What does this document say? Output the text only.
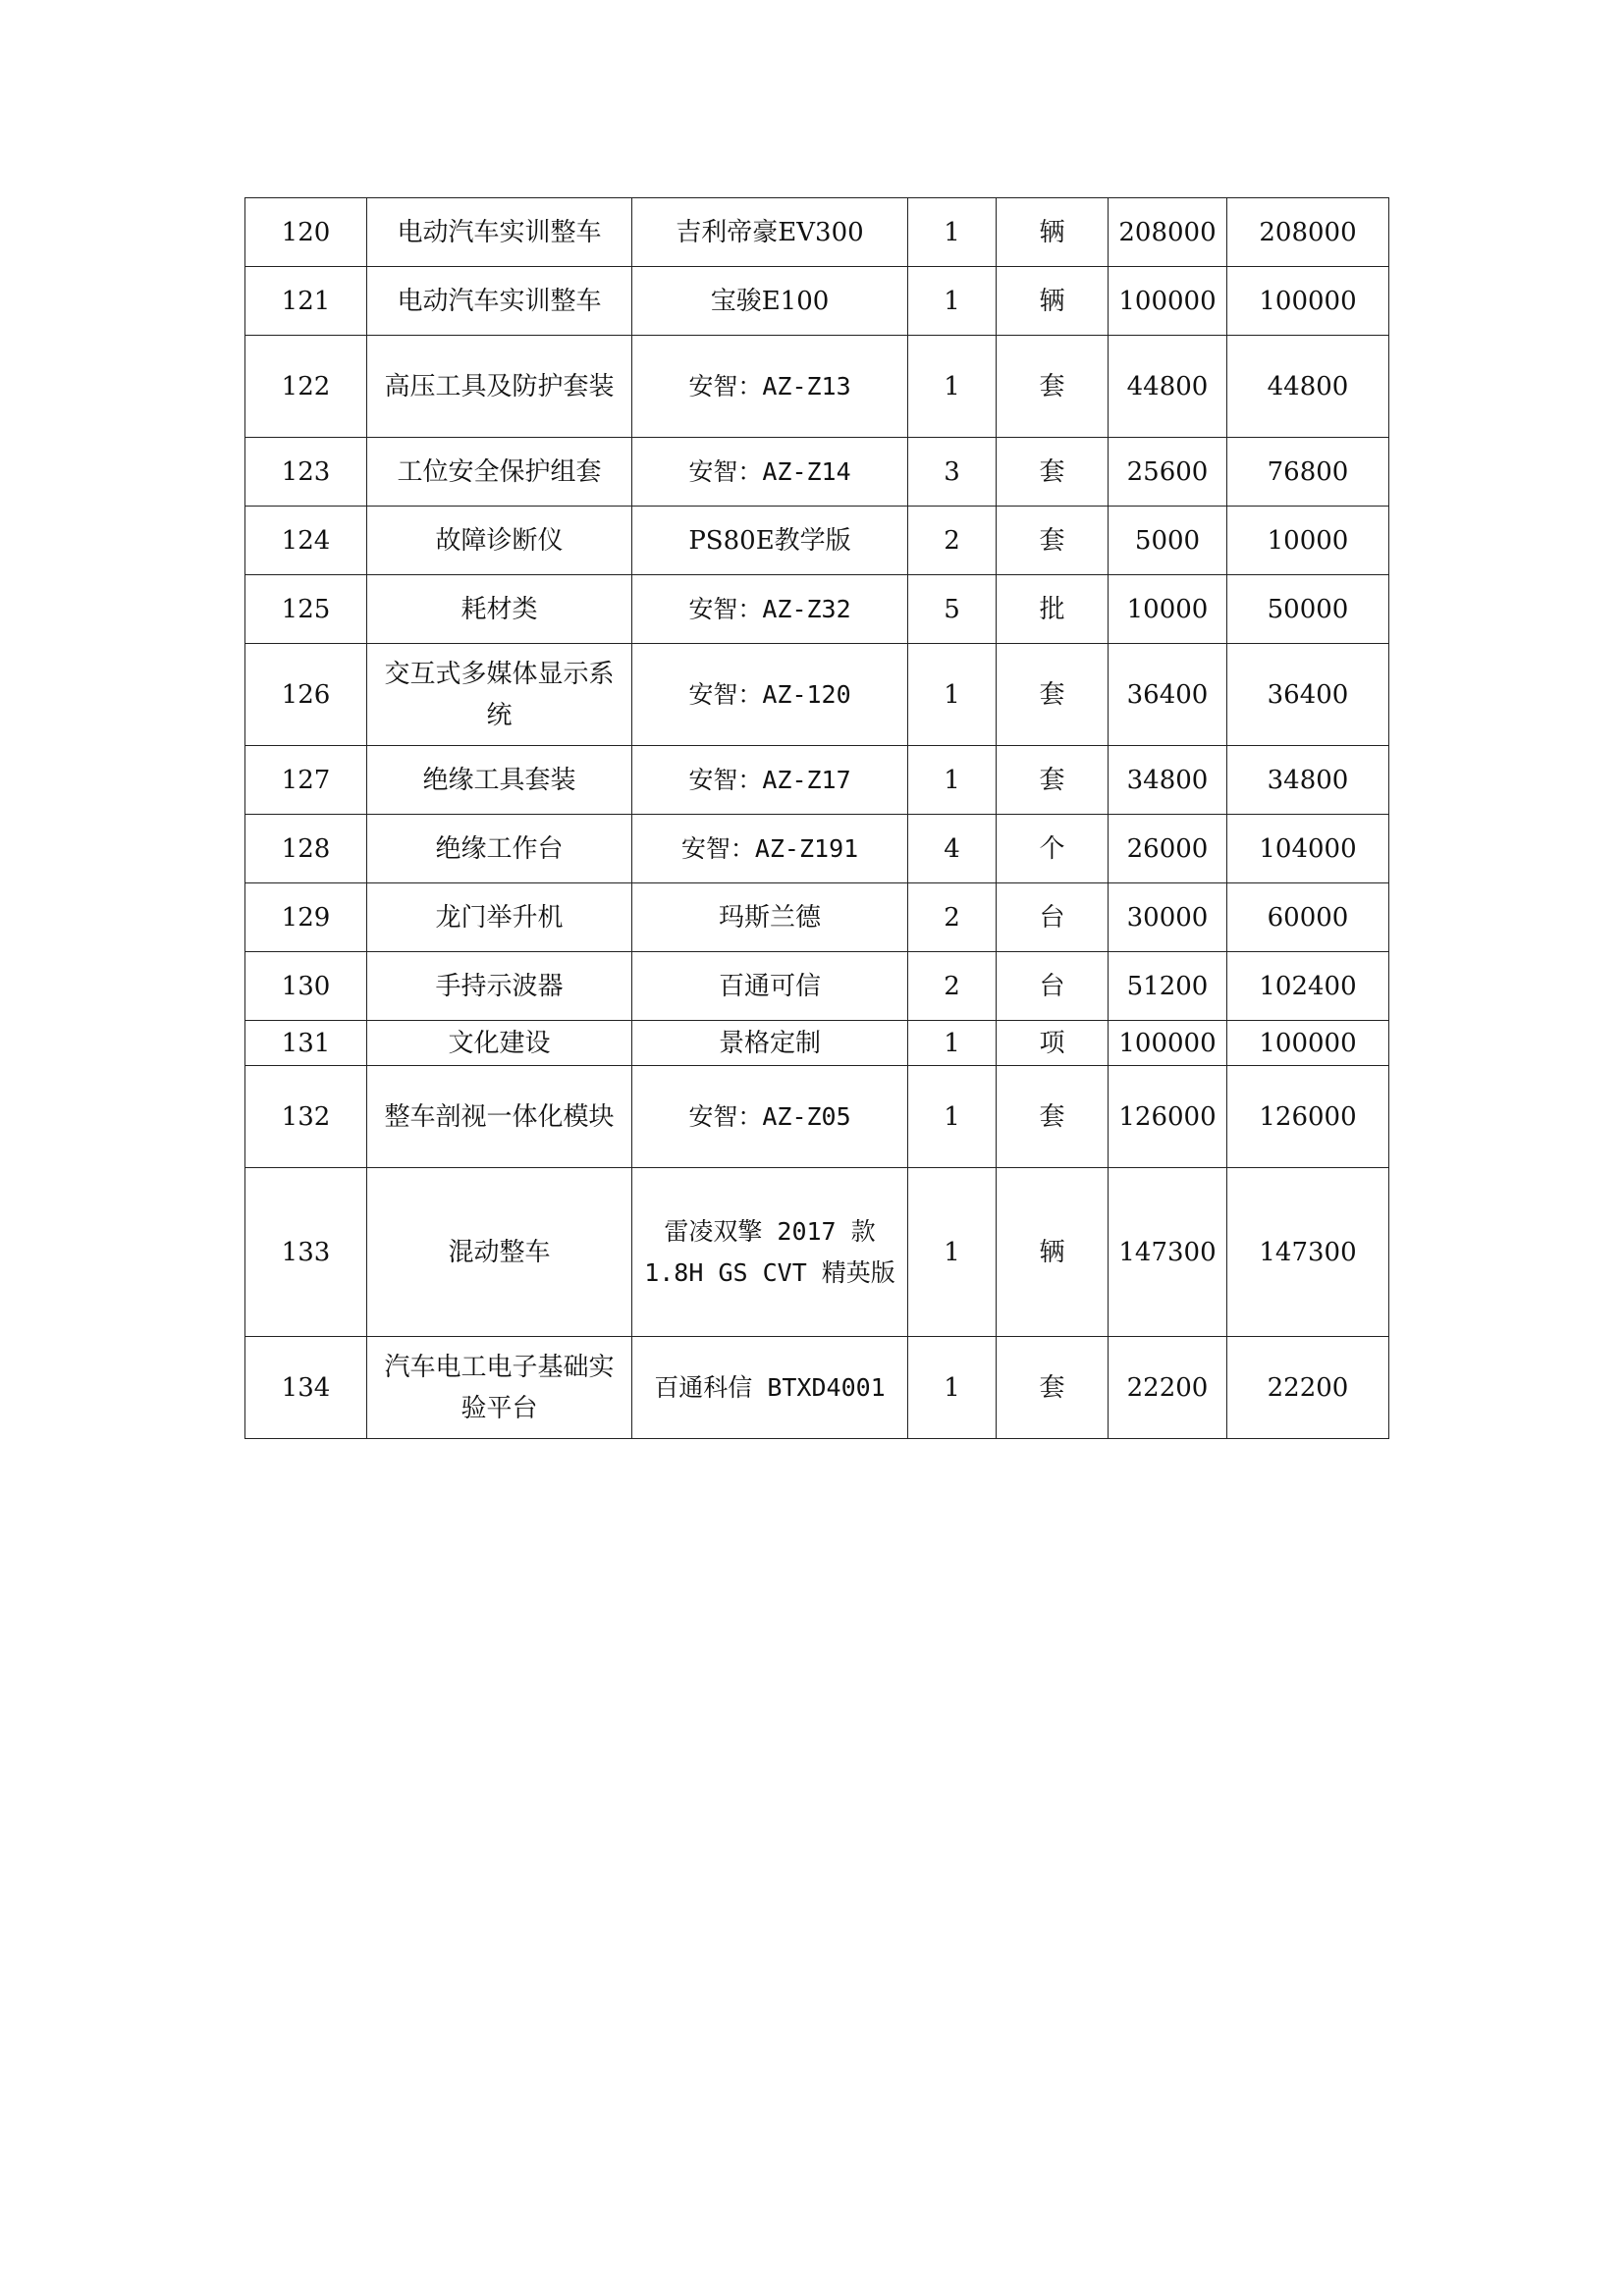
120	电动汽车实训整车	吉利帝豪EV300	1	辆	208000	208000
121	电动汽车实训整车	宝骏E100	1	辆	100000	100000
122	高压工具及防护套装	安智：AZ-Z13	1	套	44800	44800
123	工位安全保护组套	安智：AZ-Z14	3	套	25600	76800
124	故障诊断仪	PS80E教学版	2	套	5000	10000
125	耗材类	安智：AZ-Z32	5	批	10000	50000
126	交互式多媒体显示系统	安智：AZ-120	1	套	36400	36400
127	绝缘工具套装	安智：AZ-Z17	1	套	34800	34800
128	绝缘工作台	安智：AZ-Z191	4	个	26000	104000
129	龙门举升机	玛斯兰德	2	台	30000	60000
130	手持示波器	百通可信	2	台	51200	102400
131	文化建设	景格定制	1	项	100000	100000
132	整车剖视一体化模块	安智：AZ-Z05	1	套	126000	126000
133	混动整车	雷凌双擎 2017 款 1.8H GS CVT 精英版	1	辆	147300	147300
134	汽车电工电子基础实验平台	百通科信 BTXD4001	1	套	22200	22200
